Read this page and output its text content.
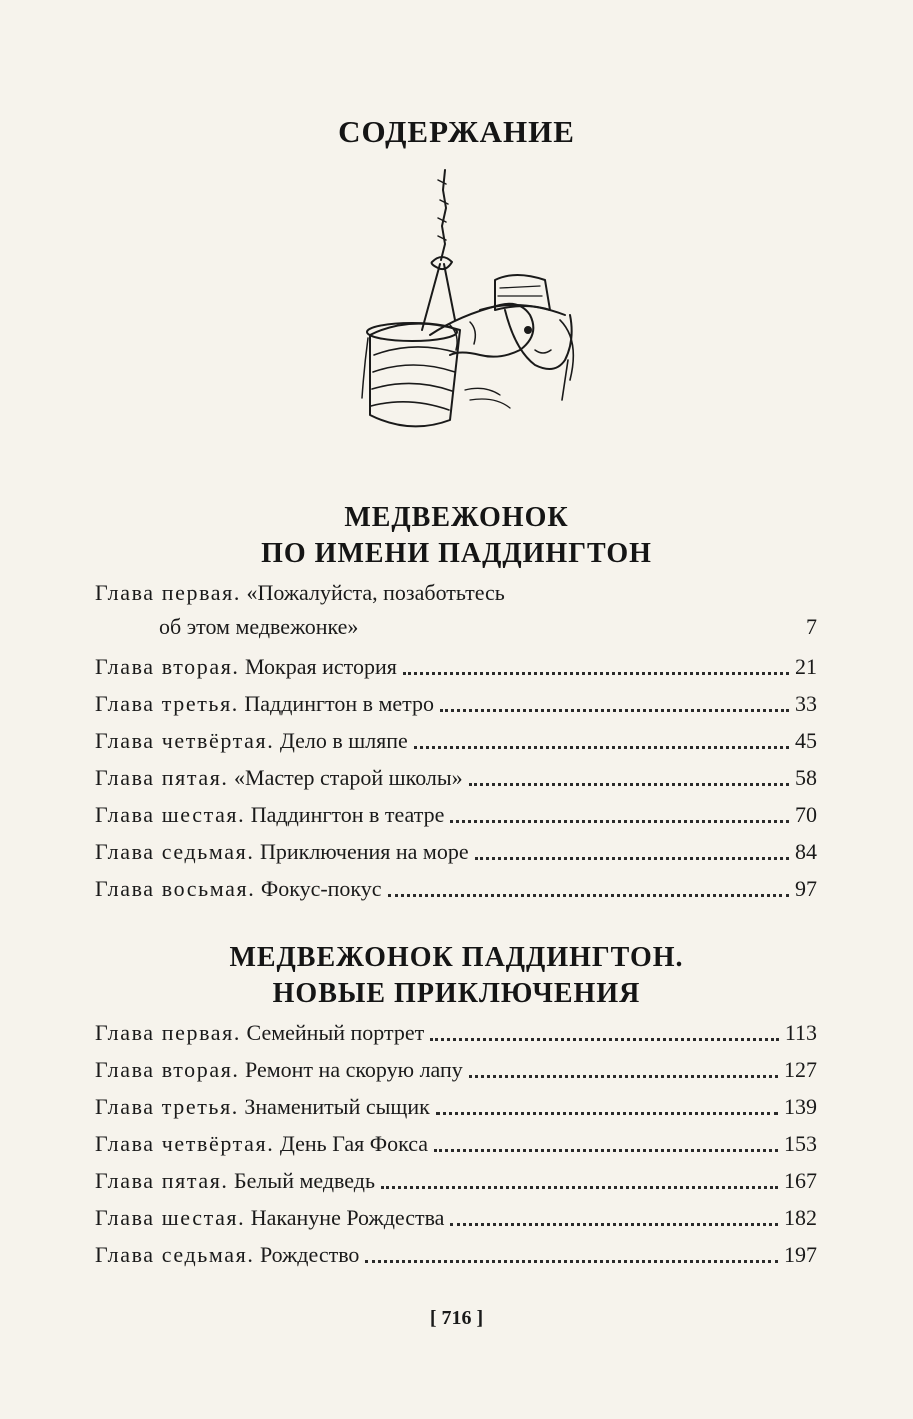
СОДЕРЖАНИЕ
МЕДВЕЖОНОК
ПО ИМЕНИ ПАДДИНГТОН
Глава первая.
«Пожалуйста, позаботьтесь
об этом медвежонке»	7
Глава вторая. Мокрая история	21
Глава третья. Паддингтон в метро	33
Глава четвёртая. Дело в шляпе	45
Глава пятая. «Мастер старой школы»	58
Глава шестая. Паддингтон в театре	70
Глава седьмая. Приключения на море	84
Глава восьмая. Фокус-покус	97
МЕДВЕЖОНОК ПАДДИНГТОН.
НОВЫЕ ПРИКЛЮЧЕНИЯ
Глава первая. Семейный портрет	113
Глава вторая. Ремонт на скорую лапу	127
Глава третья. Знаменитый сыщик	139
Глава четвёртая. День Гая Фокса	153
Глава пятая. Белый медведь	167
Глава шестая. Накануне Рождества	182
Глава седьмая. Рождество	197
[ 716 ]
